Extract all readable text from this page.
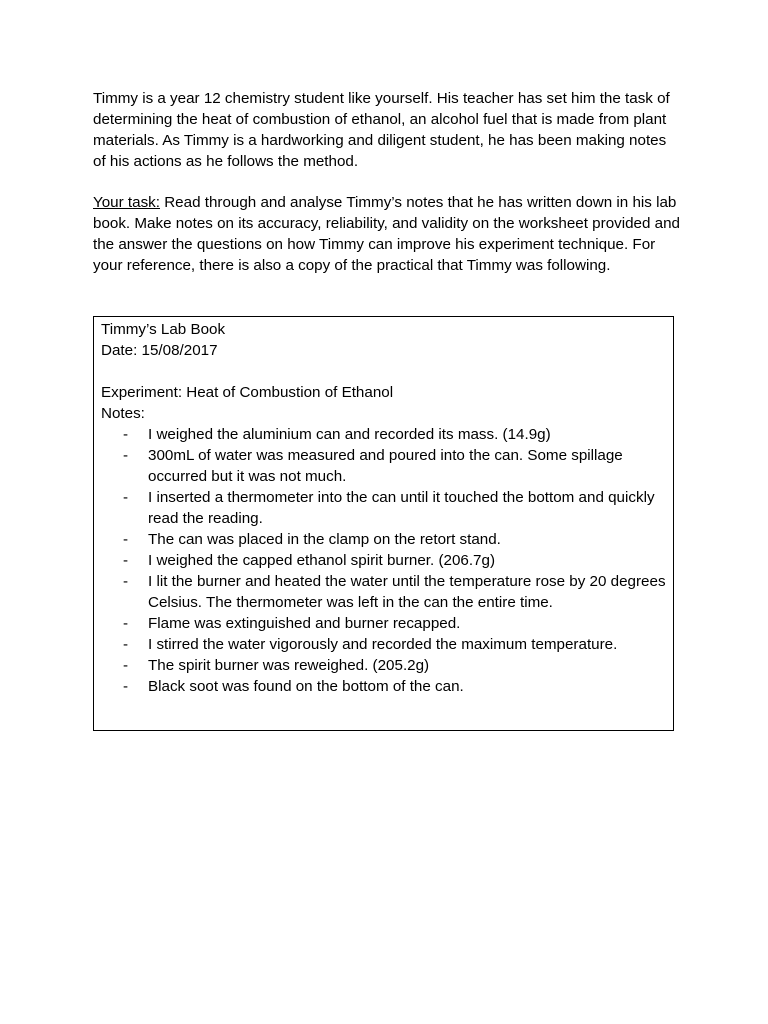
Timmy is a year 12 chemistry student like yourself. His teacher has set him the task of determining the heat of combustion of ethanol, an alcohol fuel that is made from plant materials. As Timmy is a hardworking and diligent student, he has been making notes of his actions as he follows the method.

Your task: Read through and analyse Timmy’s notes that he has written down in his lab book. Make notes on its accuracy, reliability, and validity on the worksheet provided and the answer the questions on how Timmy can improve his experiment technique. For your reference, there is also a copy of the practical that Timmy was following.

Timmy’s Lab Book

Date: 15/08/2017

Experiment: Heat of Combustion of Ethanol

Notes:

- I weighed the aluminium can and recorded its mass. (14.9g)
- 300mL of water was measured and poured into the can. Some spillage occurred but it was not much.
- I inserted a thermometer into the can until it touched the bottom and quickly read the reading.
- The can was placed in the clamp on the retort stand.
- I weighed the capped ethanol spirit burner. (206.7g)
- I lit the burner and heated the water until the temperature rose by 20 degrees Celsius. The thermometer was left in the can the entire time.
- Flame was extinguished and burner recapped.
- I stirred the water vigorously and recorded the maximum temperature.
- The spirit burner was reweighed. (205.2g)
- Black soot was found on the bottom of the can.
